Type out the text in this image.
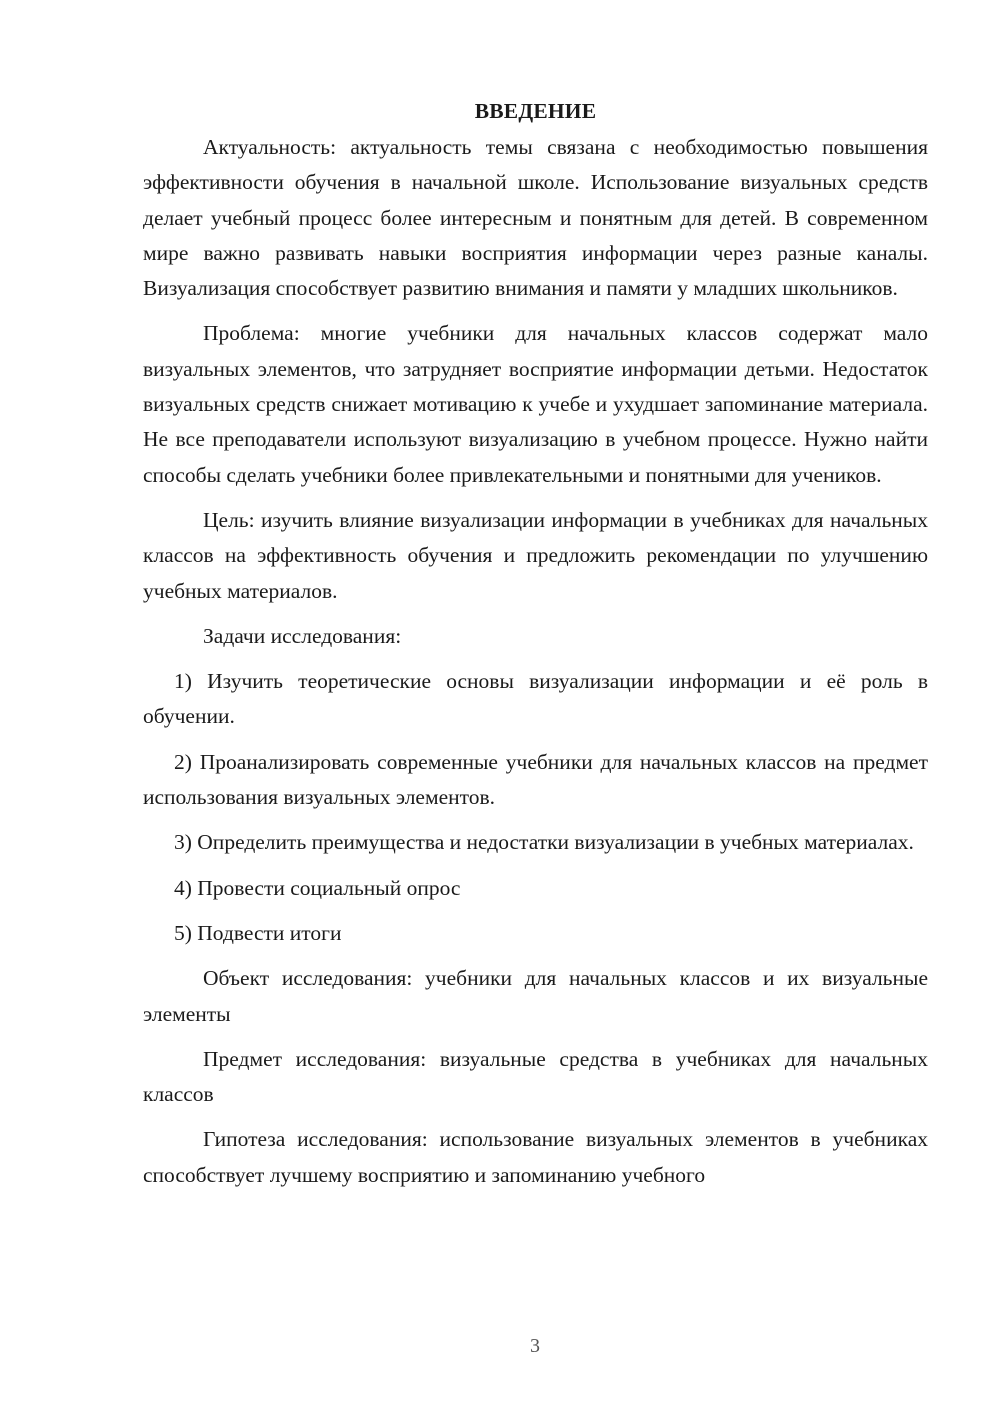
ВВЕДЕНИЕ

Актуальность: актуальность темы связана с необходимостью повышения эффективности обучения в начальной школе. Использование визуальных средств делает учебный процесс более интересным и понятным для детей. В современном мире важно развивать навыки восприятия информации через разные каналы. Визуализация способствует развитию внимания и памяти у младших школьников.

Проблема: многие учебники для начальных классов содержат мало визуальных элементов, что затрудняет восприятие информации детьми. Недостаток визуальных средств снижает мотивацию к учебе и ухудшает запоминание материала. Не все преподаватели используют визуализацию в учебном процессе. Нужно найти способы сделать учебники более привлекательными и понятными для учеников.

Цель: изучить влияние визуализации информации в учебниках для начальных классов на эффективность обучения и предложить рекомендации по улучшению учебных материалов.

Задачи исследования:

1) Изучить теоретические основы визуализации информации и её роль в обучении.

2) Проанализировать современные учебники для начальных классов на предмет использования визуальных элементов.

3) Определить преимущества и недостатки визуализации в учебных материалах.

4) Провести социальный опрос

5) Подвести итоги

Объект исследования: учебники для начальных классов и их визуальные элементы

Предмет исследования: визуальные средства в учебниках для начальных классов

Гипотеза исследования: использование визуальных элементов в учебниках способствует лучшему восприятию и запоминанию учебного

3
